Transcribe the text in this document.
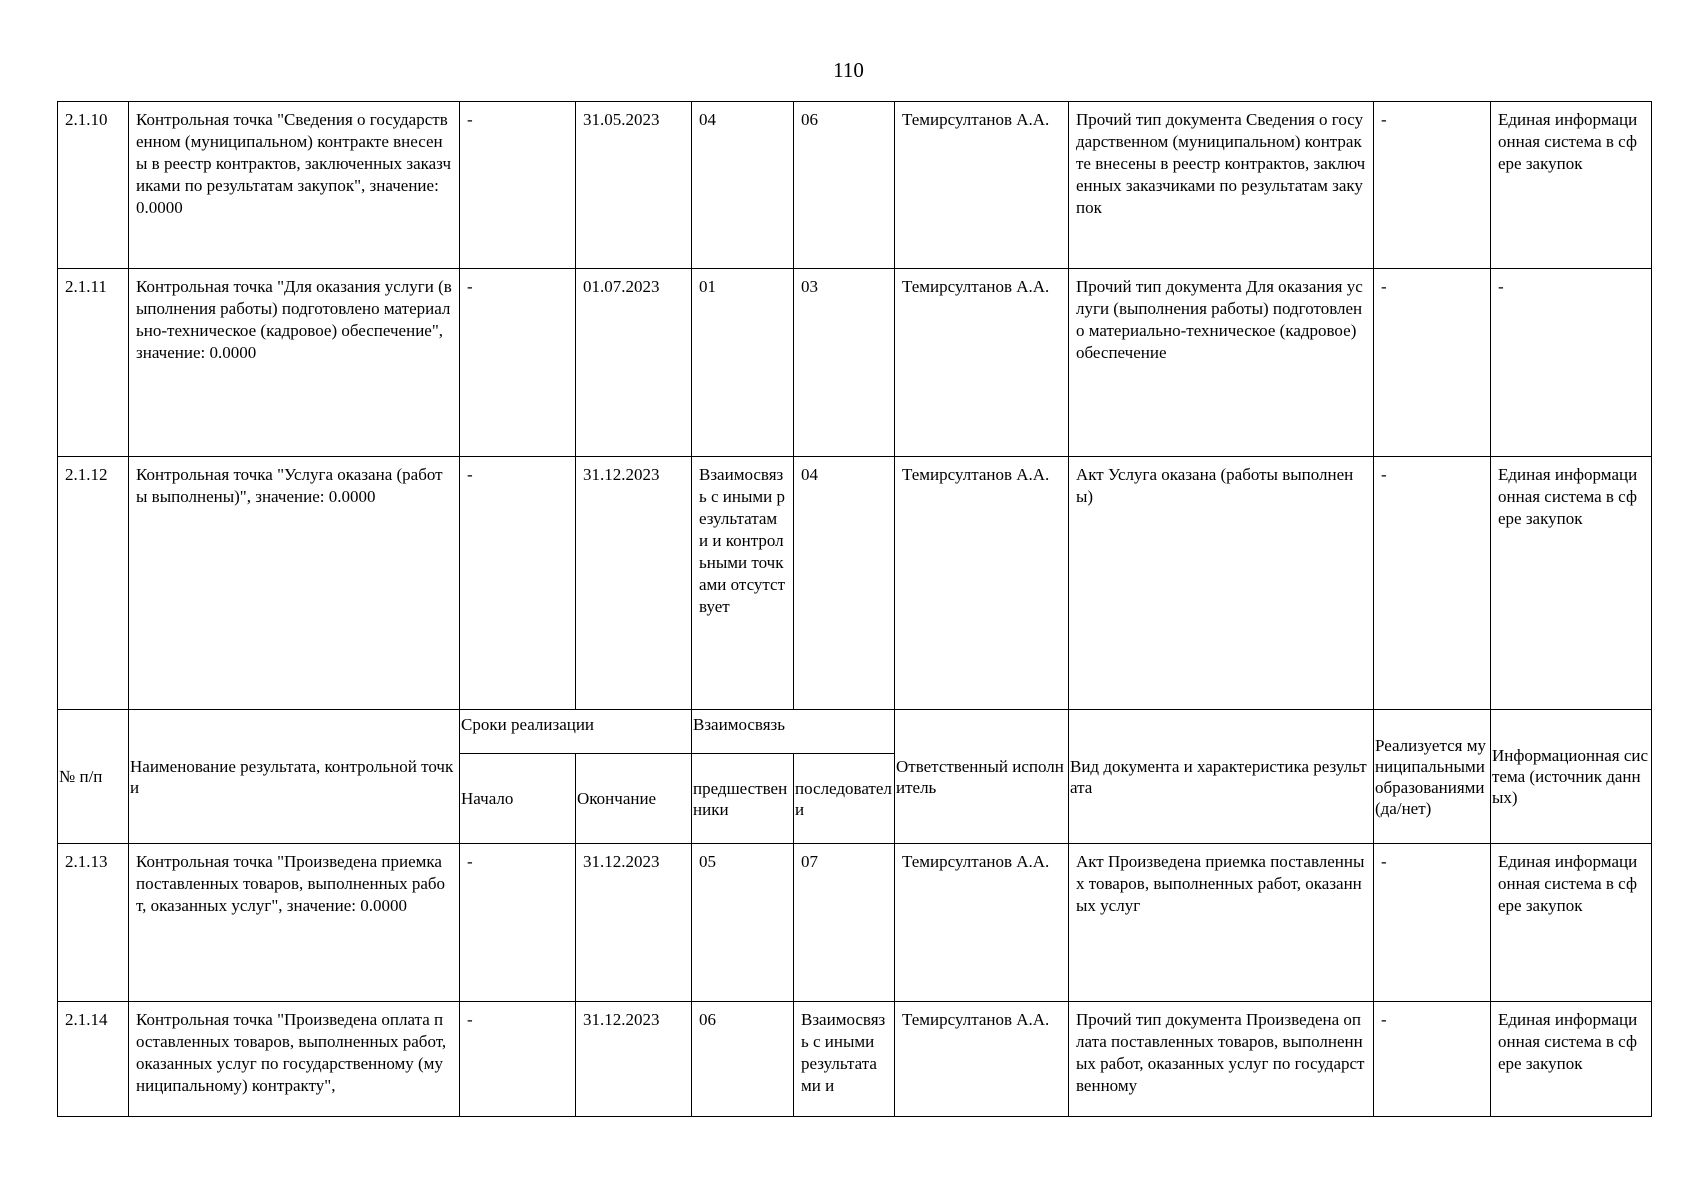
110
2.1.10	Контрольная точка "Сведения о государственном (муниципальном) контракте внесены в реестр контрактов, заключенных заказчиками по результатам закупок", значение: 0.0000	-	31.05.2023	04	06	Темирсултанов А.А.	Прочий тип документа Сведения о государственном (муниципальном) контракте внесены в реестр контрактов, заключенных заказчиками по результатам закупок	-	Единая информационная система в сфере закупок
2.1.11	Контрольная точка "Для оказания услуги (выполнения работы) подготовлено материально-техническое (кадровое) обеспечение", значение: 0.0000	-	01.07.2023	01	03	Темирсултанов А.А.	Прочий тип документа Для оказания услуги (выполнения работы) подготовлено материально-техническое (кадровое) обеспечение	-	-
2.1.12	Контрольная точка "Услуга оказана (работы выполнены)", значение: 0.0000	-	31.12.2023	Взаимосвязь с иными результатами и контрольными точками отсутствует	04	Темирсултанов А.А.	Акт Услуга оказана (работы выполнены)	-	Единая информационная система в сфере закупок
№ п/п	Наименование результата, контрольной точки	Сроки реализации		Взаимосвязь		Ответственный исполнитель	Вид документа и характеристика результата	Реализуется муниципальными образованиями (да/нет)	Информационная система (источник данных)
		Начало	Окончание	предшественники	последователи				
2.1.13	Контрольная точка "Произведена приемка поставленных товаров, выполненных работ, оказанных услуг", значение: 0.0000	-	31.12.2023	05	07	Темирсултанов А.А.	Акт Произведена приемка поставленных товаров, выполненных работ, оказанных услуг	-	Единая информационная система в сфере закупок
2.1.14	Контрольная точка "Произведена оплата поставленных товаров, выполненных работ, оказанных услуг по государственному (муниципальному) контракту",	-	31.12.2023	06	Взаимосвязь с иными результатами и	Темирсултанов А.А.	Прочий тип документа Произведена оплата поставленных товаров, выполненных работ, оказанных услуг по государственному	-	Единая информационная система в сфере закупок
